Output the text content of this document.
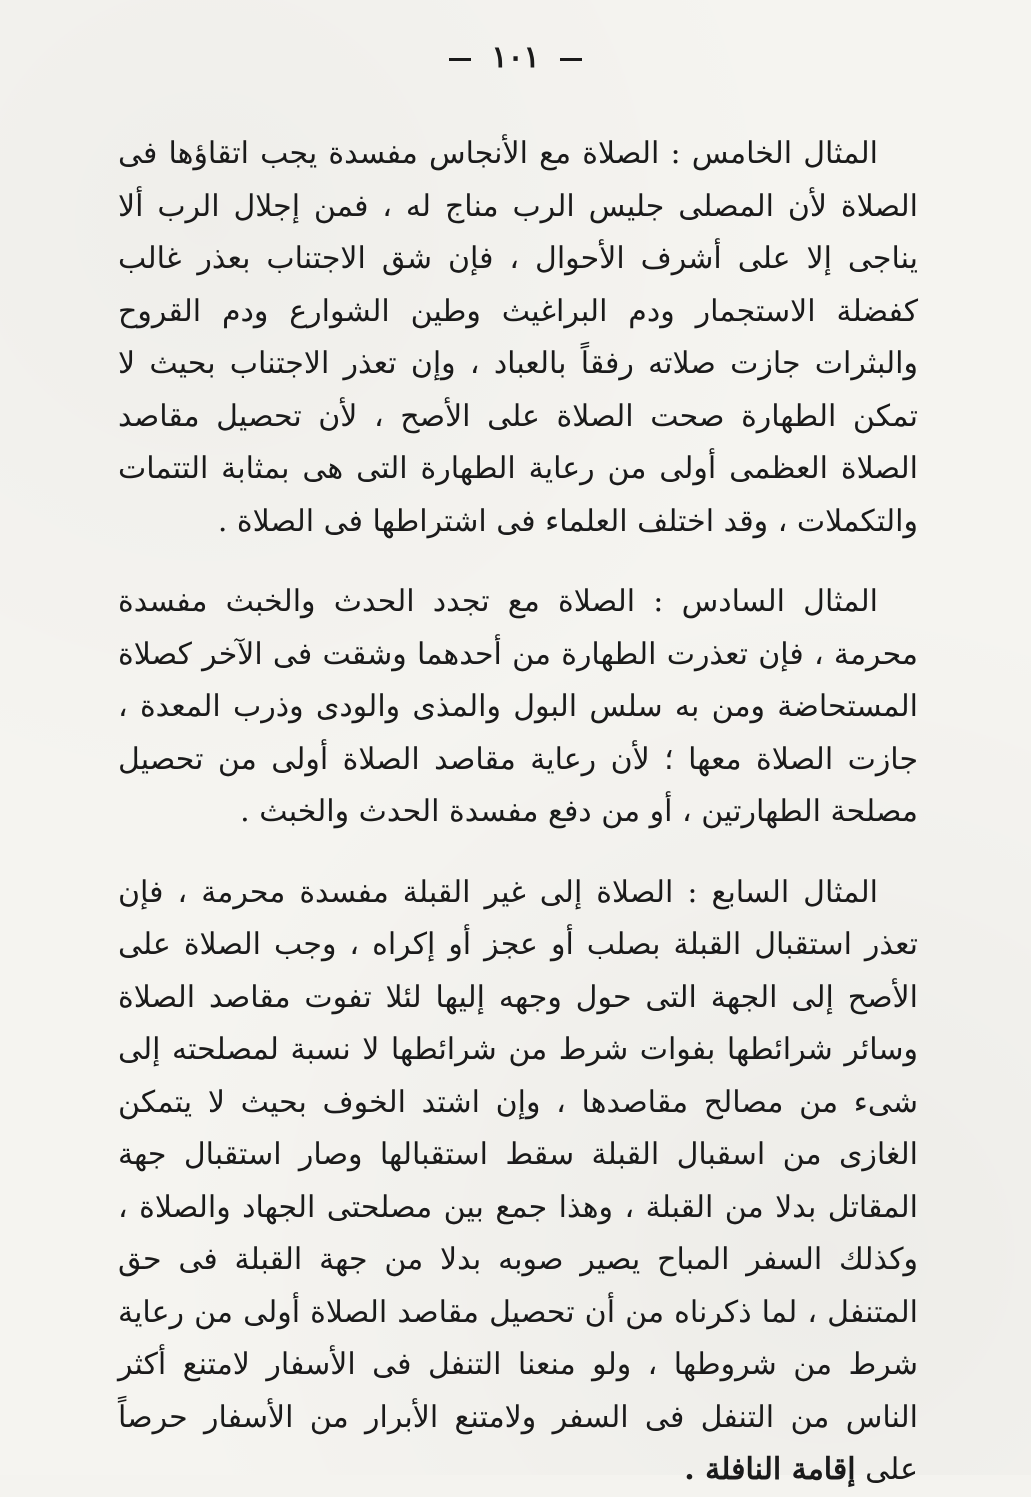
١٠١

المثال الخامس : الصلاة مع الأنجاس مفسدة يجب اتقاؤها فى الصلاة لأن المصلى جليس الرب مناج له ، فمن إجلال الرب ألا يناجى إلا على أشرف الأحوال ، فإن شق الاجتناب بعذر غالب كفضلة الاستجمار ودم البراغيث وطين الشوارع ودم القروح والبثرات جازت صلاته رفقاً بالعباد ، وإن تعذر الاجتناب بحيث لا تمكن الطهارة صحت الصلاة على الأصح ، لأن تحصيل مقاصد الصلاة العظمى أولى من رعاية الطهارة التى هى بمثابة التتمات والتكملات ، وقد اختلف العلماء فى اشتراطها فى الصلاة .

المثال السادس : الصلاة مع تجدد الحدث والخبث مفسدة محرمة ، فإن تعذرت الطهارة من أحدهما وشقت فى الآخر كصلاة المستحاضة ومن به سلس البول والمذى والودى وذرب المعدة ، جازت الصلاة معها ؛ لأن رعاية مقاصد الصلاة أولى من تحصيل مصلحة الطهارتين ، أو من دفع مفسدة الحدث والخبث .

المثال السابع : الصلاة إلى غير القبلة مفسدة محرمة ، فإن تعذر استقبال القبلة بصلب أو عجز أو إكراه ، وجب الصلاة على الأصح إلى الجهة التى حول وجهه إليها لئلا تفوت مقاصد الصلاة وسائر شرائطها بفوات شرط من شرائطها لا نسبة لمصلحته إلى شىء من مصالح مقاصدها ، وإن اشتد الخوف بحيث لا يتمكن الغازى من اسقبال القبلة سقط استقبالها وصار استقبال جهة المقاتل بدلا من القبلة ، وهذا جمع بين مصلحتى الجهاد والصلاة ، وكذلك السفر المباح يصير صوبه بدلا من جهة القبلة فى حق المتنفل ، لما ذكرناه من أن تحصيل مقاصد الصلاة أولى من رعاية شرط من شروطها ، ولو منعنا التنفل فى الأسفار لامتنع أكثر الناس من التنفل فى السفر ولامتنع الأبرار من الأسفار حرصاً على إقامة النافلة .
